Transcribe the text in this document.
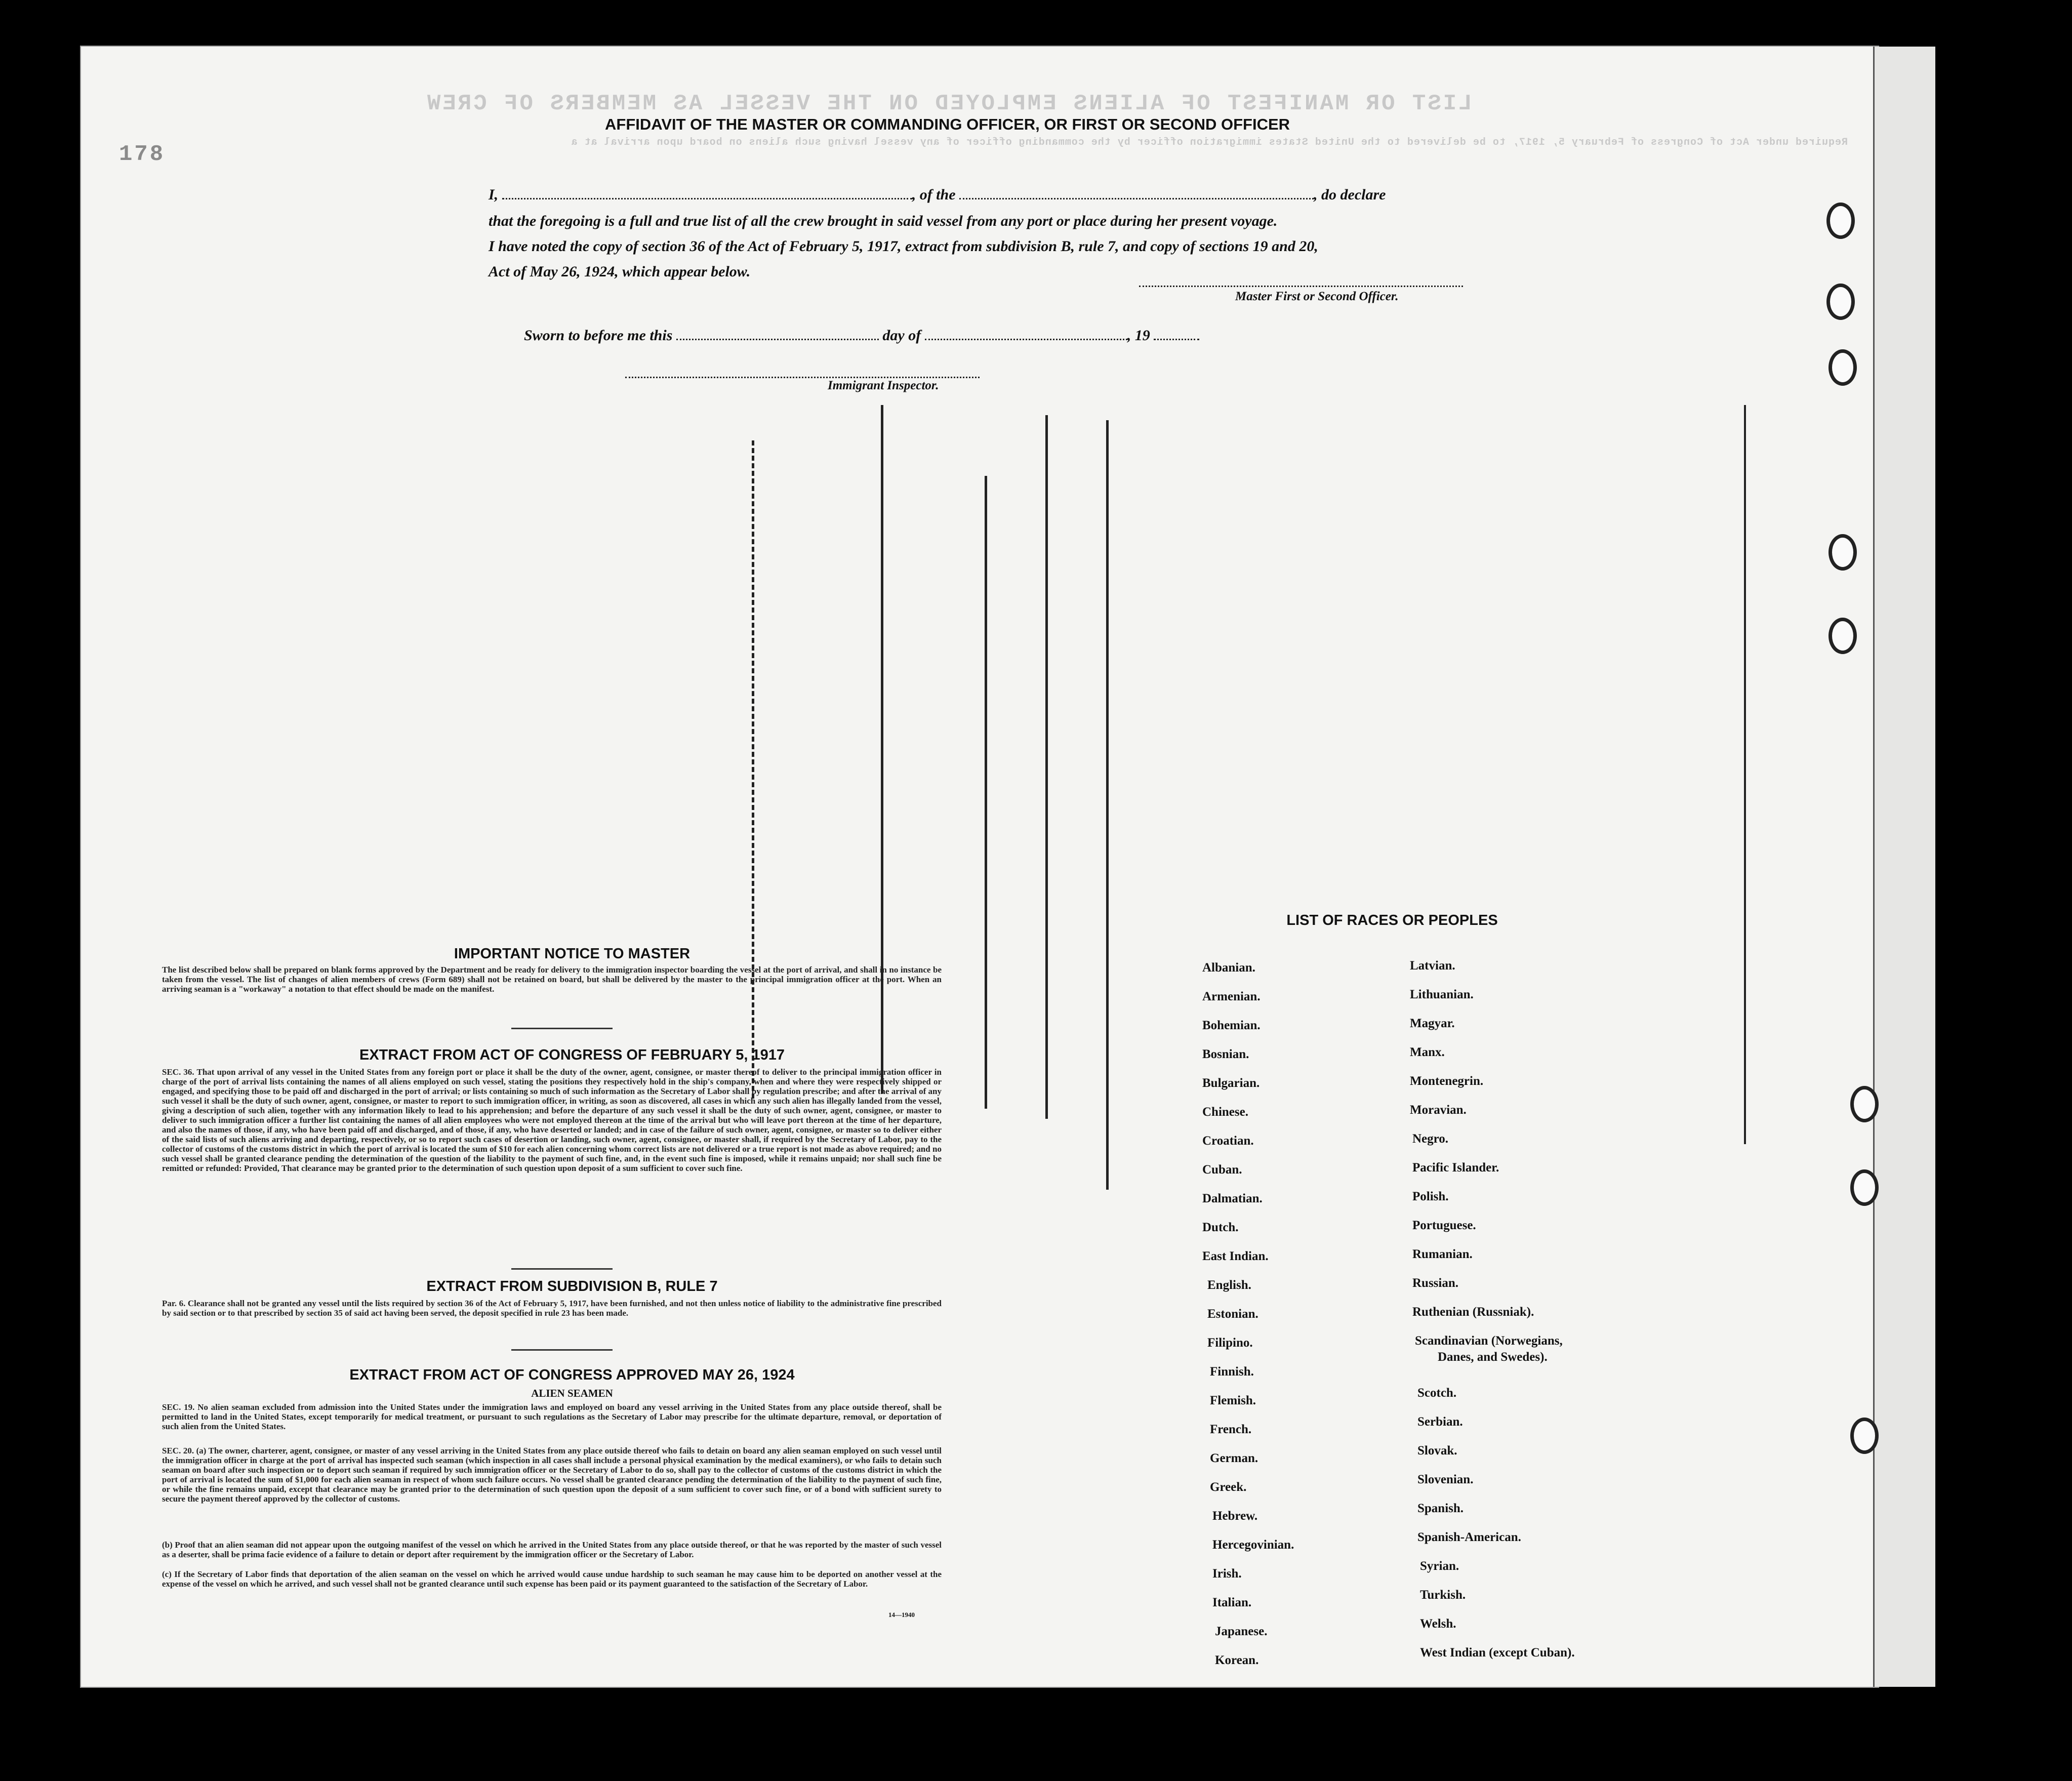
LIST OR MANIFEST OF ALIENS EMPLOYED ON THE VESSEL AS MEMBERS OF CREW
Required under Act of Congress of February 5, 1917, to be delivered to the United States immigration officer by the commanding officer of any vessel having such aliens on board upon arrival at a
178
AFFIDAVIT OF THE MASTER OR COMMANDING OFFICER, OR FIRST OR SECOND OFFICER
I,	, of the	, do declare
that the foregoing is a full and true list of all the crew brought in said vessel from any port or place during her present voyage.
I have noted the copy of section 36 of the Act of February 5, 1917, extract from subdivision B, rule 7, and copy of sections 19 and 20,
Act of May 26, 1924, which appear below.
Master First or Second Officer.
Sworn to before me this	day of	, 19
Immigrant Inspector.
IMPORTANT NOTICE TO MASTER
The list described below shall be prepared on blank forms approved by the Department and be ready for delivery to the immigration inspector boarding the vessel at the port of arrival, and shall in no instance be taken from the vessel. The list of changes of alien members of crews (Form 689) shall not be retained on board, but shall be delivered by the master to the principal immigration officer at the port. When an arriving seaman is a "workaway" a notation to that effect should be made on the manifest.
EXTRACT FROM ACT OF CONGRESS OF FEBRUARY 5, 1917
SEC. 36. That upon arrival of any vessel in the United States from any foreign port or place it shall be the duty of the owner, agent, consignee, or master thereof to deliver to the principal immigration officer in charge of the port of arrival lists containing the names of all aliens employed on such vessel, stating the positions they respectively hold in the ship's company, when and where they were respectively shipped or engaged, and specifying those to be paid off and discharged in the port of arrival; or lists containing so much of such information as the Secretary of Labor shall by regulation prescribe; and after the arrival of any such vessel it shall be the duty of such owner, agent, consignee, or master to report to such immigration officer, in writing, as soon as discovered, all cases in which any such alien has illegally landed from the vessel, giving a description of such alien, together with any information likely to lead to his apprehension; and before the departure of any such vessel it shall be the duty of such owner, agent, consignee, or master to deliver to such immigration officer a further list containing the names of all alien employees who were not employed thereon at the time of the arrival but who will leave port thereon at the time of her departure, and also the names of those, if any, who have been paid off and discharged, and of those, if any, who have deserted or landed; and in case of the failure of such owner, agent, consignee, or master so to deliver either of the said lists of such aliens arriving and departing, respectively, or so to report such cases of desertion or landing, such owner, agent, consignee, or master shall, if required by the Secretary of Labor, pay to the collector of customs of the customs district in which the port of arrival is located the sum of $10 for each alien concerning whom correct lists are not delivered or a true report is not made as above required; and no such vessel shall be granted clearance pending the determination of the question of the liability to the payment of such fine, and, in the event such fine is imposed, while it remains unpaid; nor shall such fine be remitted or refunded: Provided, That clearance may be granted prior to the determination of such question upon deposit of a sum sufficient to cover such fine.
EXTRACT FROM SUBDIVISION B, RULE 7
Par. 6. Clearance shall not be granted any vessel until the lists required by section 36 of the Act of February 5, 1917, have been furnished, and not then unless notice of liability to the administrative fine prescribed by said section or to that prescribed by section 35 of said act having been served, the deposit specified in rule 23 has been made.
EXTRACT FROM ACT OF CONGRESS APPROVED MAY 26, 1924
ALIEN SEAMEN
SEC. 19. No alien seaman excluded from admission into the United States under the immigration laws and employed on board any vessel arriving in the United States from any place outside thereof, shall be permitted to land in the United States, except temporarily for medical treatment, or pursuant to such regulations as the Secretary of Labor may prescribe for the ultimate departure, removal, or deportation of such alien from the United States.
SEC. 20. (a) The owner, charterer, agent, consignee, or master of any vessel arriving in the United States from any place outside thereof who fails to detain on board any alien seaman employed on such vessel until the immigration officer in charge at the port of arrival has inspected such seaman (which inspection in all cases shall include a personal physical examination by the medical examiners), or who fails to detain such seaman on board after such inspection or to deport such seaman if required by such immigration officer or the Secretary of Labor to do so, shall pay to the collector of customs of the customs district in which the port of arrival is located the sum of $1,000 for each alien seaman in respect of whom such failure occurs. No vessel shall be granted clearance pending the determination of the liability to the payment of such fine, or while the fine remains unpaid, except that clearance may be granted prior to the determination of such question upon the deposit of a sum sufficient to cover such fine, or of a bond with sufficient surety to secure the payment thereof approved by the collector of customs.
(b) Proof that an alien seaman did not appear upon the outgoing manifest of the vessel on which he arrived in the United States from any place outside thereof, or that he was reported by the master of such vessel as a deserter, shall be prima facie evidence of a failure to detain or deport after requirement by the immigration officer or the Secretary of Labor.
(c) If the Secretary of Labor finds that deportation of the alien seaman on the vessel on which he arrived would cause undue hardship to such seaman he may cause him to be deported on another vessel at the expense of the vessel on which he arrived, and such vessel shall not be granted clearance until such expense has been paid or its payment guaranteed to the satisfaction of the Secretary of Labor.
14—1940
LIST OF RACES OR PEOPLES
Albanian.
Armenian.
Bohemian.
Bosnian.
Bulgarian.
Chinese.
Croatian.
Cuban.
Dalmatian.
Dutch.
East Indian.
English.
Estonian.
Filipino.
Finnish.
Flemish.
French.
German.
Greek.
Hebrew.
Hercegovinian.
Irish.
Italian.
Japanese.
Korean.
Latvian.
Lithuanian.
Magyar.
Manx.
Montenegrin.
Moravian.
Negro.
Pacific Islander.
Polish.
Portuguese.
Rumanian.
Russian.
Ruthenian (Russniak).
Scandinavian (Norwegians,
Danes, and Swedes).
Scotch.
Serbian.
Slovak.
Slovenian.
Spanish.
Spanish-American.
Syrian.
Turkish.
Welsh.
West Indian (except Cuban).
